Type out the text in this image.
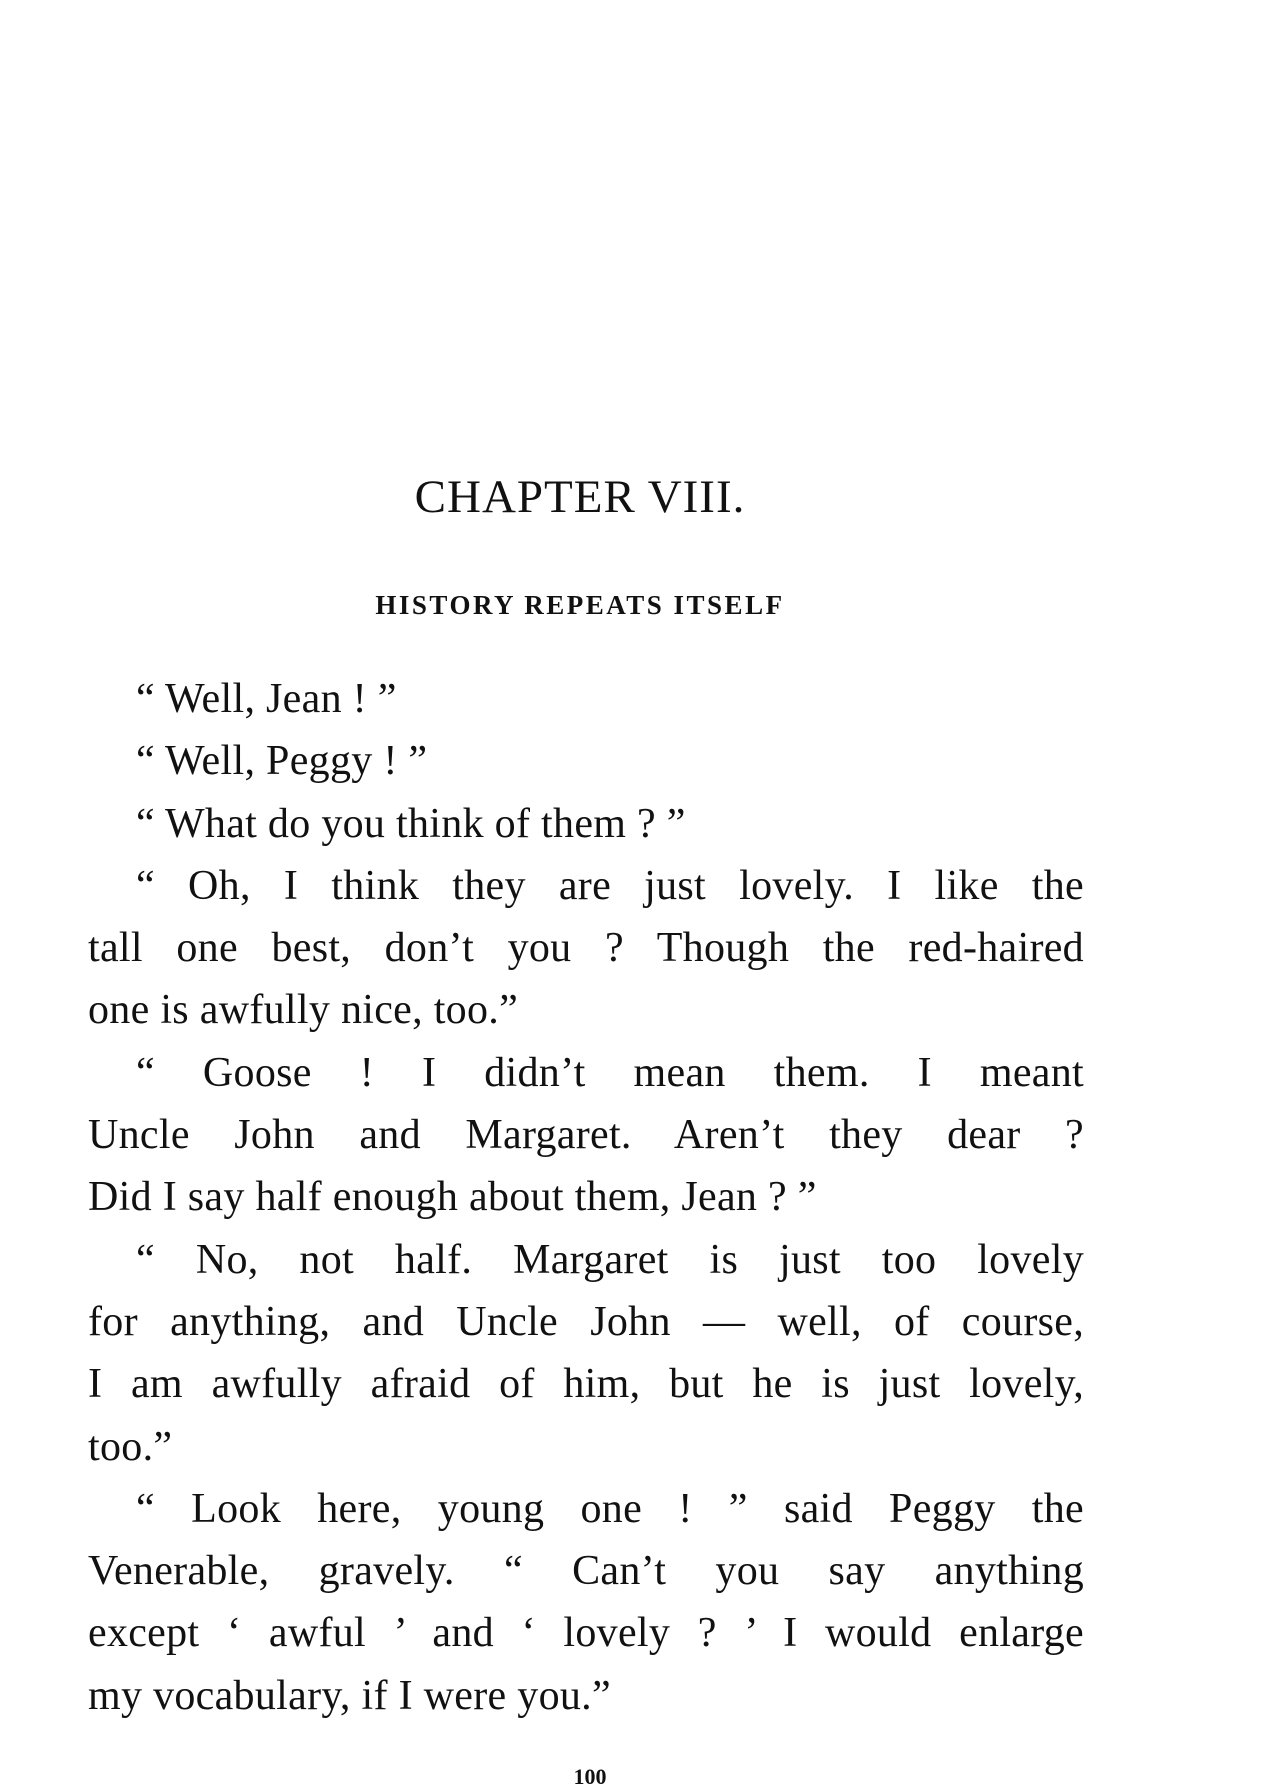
CHAPTER VIII.
HISTORY REPEATS ITSELF
“ Well, Jean ! ”
“ Well, Peggy ! ”
“ What do you think of them ? ”
“ Oh, I think they are just lovely. I like the
tall one best, don’t you ? Though the red-haired
one is awfully nice, too.”
“ Goose ! I didn’t mean them. I meant
Uncle John and Margaret. Aren’t they dear ?
Did I say half enough about them, Jean ? ”
“ No, not half. Margaret is just too lovely
for anything, and Uncle John — well, of course,
I am awfully afraid of him, but he is just lovely,
too.”
“ Look here, young one ! ” said Peggy the
Venerable, gravely. “ Can’t you say anything
except ‘ awful ’ and ‘ lovely ? ’ I would enlarge
my vocabulary, if I were you.”
100
